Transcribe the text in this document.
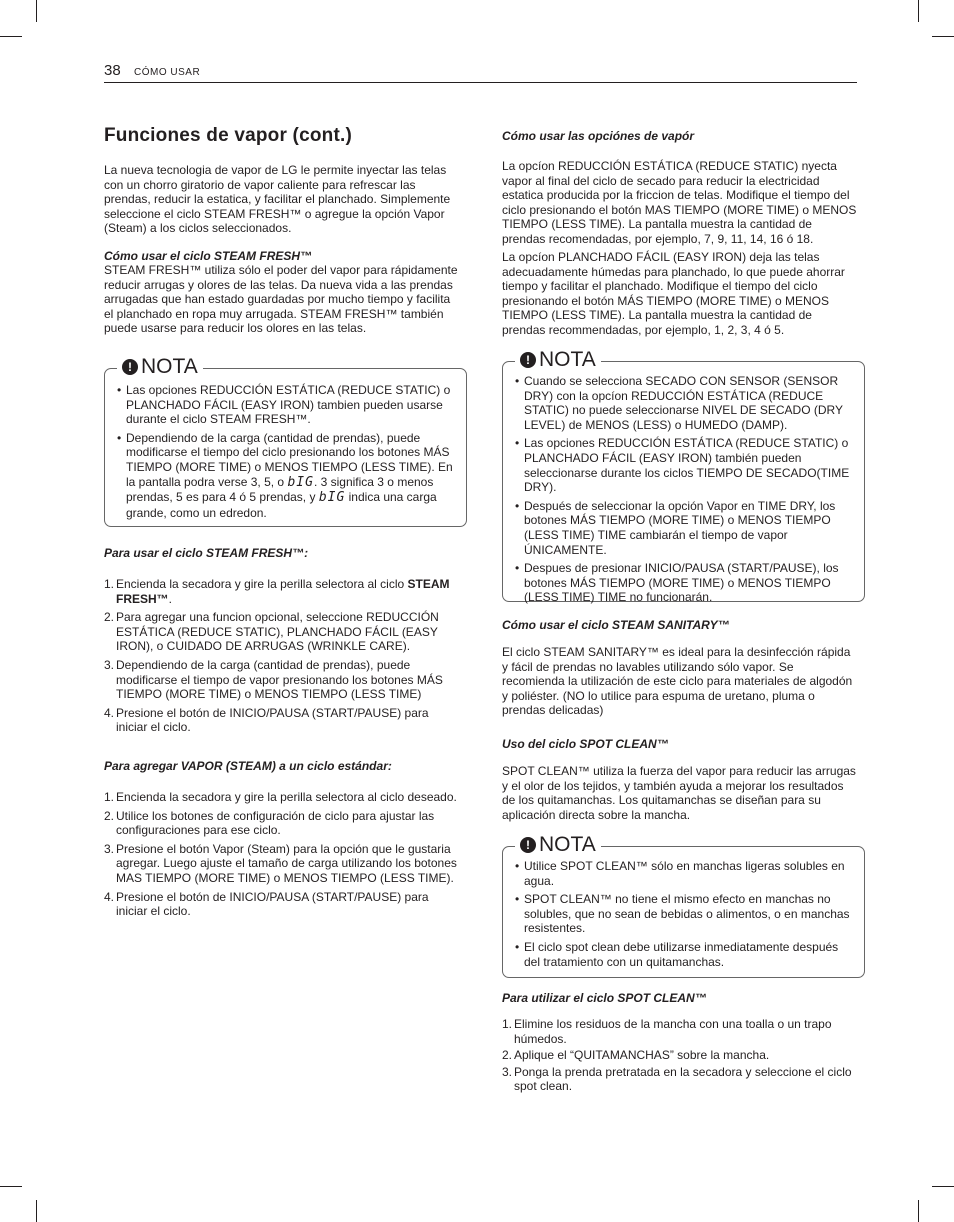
38 CÓMO USAR
Funciones de vapor (cont.)

La nueva tecnologia de vapor de LG le permite inyectar las telas con un chorro giratorio de vapor caliente para refrescar las prendas, reducir la estatica, y facilitar el planchado. Simplemente seleccione el ciclo STEAM FRESH™ o agregue la opción Vapor (Steam) a los ciclos seleccionados.

Cómo usar el ciclo STEAM FRESH™

STEAM FRESH™ utiliza sólo el poder del vapor para rápidamente reducir arrugas y olores de las telas. Da nueva vida a las prendas arrugadas que han estado guardadas por mucho tiempo y facilita el planchado en ropa muy arrugada. STEAM FRESH™ también puede usarse para reducir los olores en las telas.

! NOTA
• Las opciones REDUCCIÓN ESTÁTICA (REDUCE STATIC) o PLANCHADO FÁCIL (EASY IRON) tambien pueden usarse durante el ciclo STEAM FRESH™.
• Dependiendo de la carga (cantidad de prendas), puede modificarse el tiempo del ciclo presionando los botones MÁS TIEMPO (MORE TIME) o MENOS TIEMPO (LESS TIME). En la pantalla podra verse 3, 5, o bIG. 3 significa 3 o menos prendas, 5 es para 4 ó 5 prendas, y bIG indica una carga grande, como un edredon.
Para usar el ciclo STEAM FRESH™:
1. Encienda la secadora y gire la perilla selectora al ciclo STEAM FRESH™.
2. Para agregar una funcion opcional, seleccione REDUCCIÓN ESTÁTICA (REDUCE STATIC), PLANCHADO FÁCIL (EASY IRON), o CUIDADO DE ARRUGAS (WRINKLE CARE).
3. Dependiendo de la carga (cantidad de prendas), puede modificarse el tiempo de vapor presionando los botones MÁS TIEMPO (MORE TIME) o MENOS TIEMPO (LESS TIME)
4. Presione el botón de INICIO/PAUSA (START/PAUSE) para iniciar el ciclo.
Para agregar VAPOR (STEAM) a un ciclo estándar:
1. Encienda la secadora y gire la perilla selectora al ciclo deseado.
2. Utilice los botones de configuración de ciclo para ajustar las configuraciones para ese ciclo.
3. Presione el botón Vapor (Steam) para la opción que le gustaria agregar. Luego ajuste el tamaño de carga utilizando los botones MAS TIEMPO (MORE TIME) o MENOS TIEMPO (LESS TIME).
4. Presione el botón de INICIO/PAUSA (START/PAUSE) para iniciar el ciclo.
Cómo usar las opciónes de vapór

La opcíon REDUCCIÓN ESTÁTICA (REDUCE STATIC) nyecta vapor al final del ciclo de secado para reducir la electricidad estatica producida por la friccion de telas. Modifique el tiempo del ciclo presionando el botón MAS TIEMPO (MORE TIME) o MENOS TIEMPO (LESS TIME). La pantalla muestra la cantidad de prendas recomendadas, por ejemplo, 7, 9, 11, 14, 16 ó 18.

La opcíon PLANCHADO FÁCIL (EASY IRON) deja las telas adecuadamente húmedas para planchado, lo que puede ahorrar tiempo y facilitar el planchado. Modifique el tiempo del ciclo presionando el botón MÁS TIEMPO (MORE TIME) o MENOS TIEMPO (LESS TIME). La pantalla muestra la cantidad de prendas recommendadas, por ejemplo, 1, 2, 3, 4 ó 5.

! NOTA
• Cuando se selecciona SECADO CON SENSOR (SENSOR DRY) con la opcíon REDUCCIÓN ESTÁTICA (REDUCE STATIC) no puede seleccionarse NIVEL DE SECADO (DRY LEVEL) de MENOS (LESS) o HUMEDO (DAMP).
• Las opciones REDUCCIÓN ESTÁTICA (REDUCE STATIC) o PLANCHADO FÁCIL (EASY IRON) también pueden seleccionarse durante los ciclos TIEMPO DE SECADO(TIME DRY).
• Después de seleccionar la opción Vapor en TIME DRY, los botones MÁS TIEMPO (MORE TIME) o MENOS TIEMPO (LESS TIME) TIME cambiarán el tiempo de vapor ÚNICAMENTE.
• Despues de presionar INICIO/PAUSA (START/PAUSE), los botones MÁS TIEMPO (MORE TIME) o MENOS TIEMPO (LESS TIME) TIME no funcionarán.
Cómo usar el ciclo STEAM SANITARY™

El ciclo STEAM SANITARY™ es ideal para la desinfección rápida y fácil de prendas no lavables utilizando sólo vapor. Se recomienda la utilización de este ciclo para materiales de algodón y poliéster. (NO lo utilice para espuma de uretano, pluma o prendas delicadas)

Uso del ciclo SPOT CLEAN™

SPOT CLEAN™ utiliza la fuerza del vapor para reducir las arrugas y el olor de los tejidos, y también ayuda a mejorar los resultados de los quitamanchas. Los quitamanchas se diseñan para su aplicación directa sobre la mancha.

! NOTA
• Utilice SPOT CLEAN™ sólo en manchas ligeras solubles en agua.
• SPOT CLEAN™ no tiene el mismo efecto en manchas no solubles, que no sean de bebidas o alimentos, o en manchas resistentes.
• El ciclo spot clean debe utilizarse inmediatamente después del tratamiento con un quitamanchas.
Para utilizar el ciclo SPOT CLEAN™
1. Elimine los residuos de la mancha con una toalla o un trapo húmedos.
2. Aplique el “QUITAMANCHAS” sobre la mancha.
3. Ponga la prenda pretratada en la secadora y seleccione el ciclo spot clean.
